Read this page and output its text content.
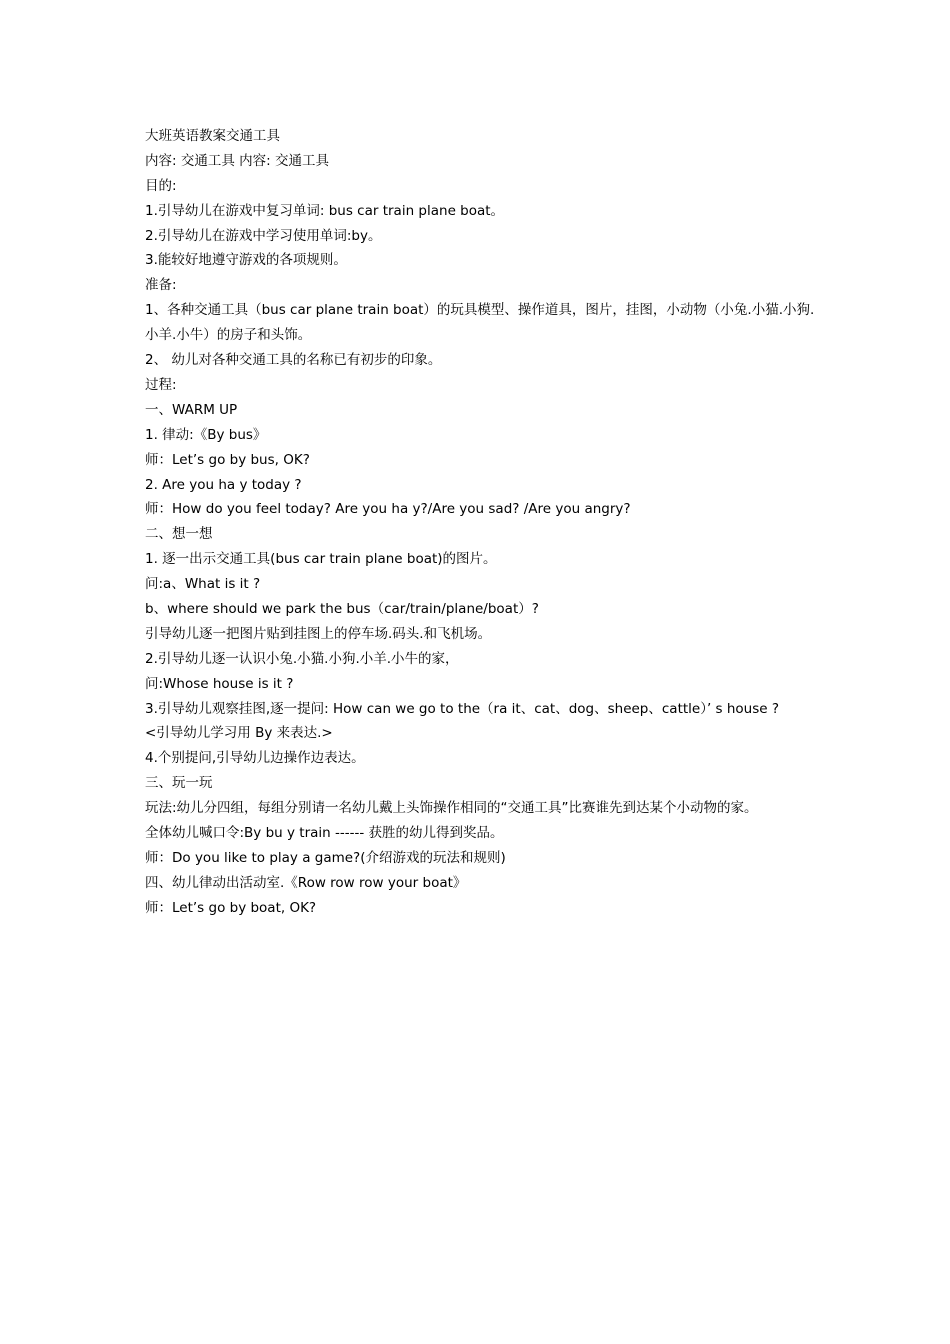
大班英语教案交通工具
内容: 交通工具 内容: 交通工具
目的:
1.引导幼儿在游戏中复习单词: bus car train plane boat。
2.引导幼儿在游戏中学习使用单词:by。
3.能较好地遵守游戏的各项规则。
准备:
1、各种交通工具（bus car plane train boat）的玩具模型、操作道具，图片，挂图，小动物（小兔.小猫.小狗.小羊.小牛）的房子和头饰。
2、 幼儿对各种交通工具的名称已有初步的印象。
过程:
一、WARM UP
1. 律动:《By bus》
师：Let’s go by bus, OK?
2. Are you ha y today ?
师：How do you feel today? Are you ha y?/Are you sad? /Are you angry?
二、想一想
1. 逐一出示交通工具(bus car train plane boat)的图片。
问:a、What is it ?
b、where should we park the bus（car/train/plane/boat）?
引导幼儿逐一把图片贴到挂图上的停车场.码头.和飞机场。
2.引导幼儿逐一认识小兔.小猫.小狗.小羊.小牛的家，
问:Whose house is it ?
3.引导幼儿观察挂图,逐一提问: How can we go to the（ra it、cat、dog、sheep、cattle）’ s house ?
<引导幼儿学习用 By 来表达.>
4.个别提问,引导幼儿边操作边表达。
三、玩一玩
玩法:幼儿分四组，每组分别请一名幼儿戴上头饰操作相同的“交通工具”比赛谁先到达某个小动物的家。
全体幼儿喊口令:By bu y train ------ 获胜的幼儿得到奖品。
师：Do you like to play a game?(介绍游戏的玩法和规则)
四、幼儿律动出活动室.《Row row row your boat》
师：Let’s go by boat, OK?
